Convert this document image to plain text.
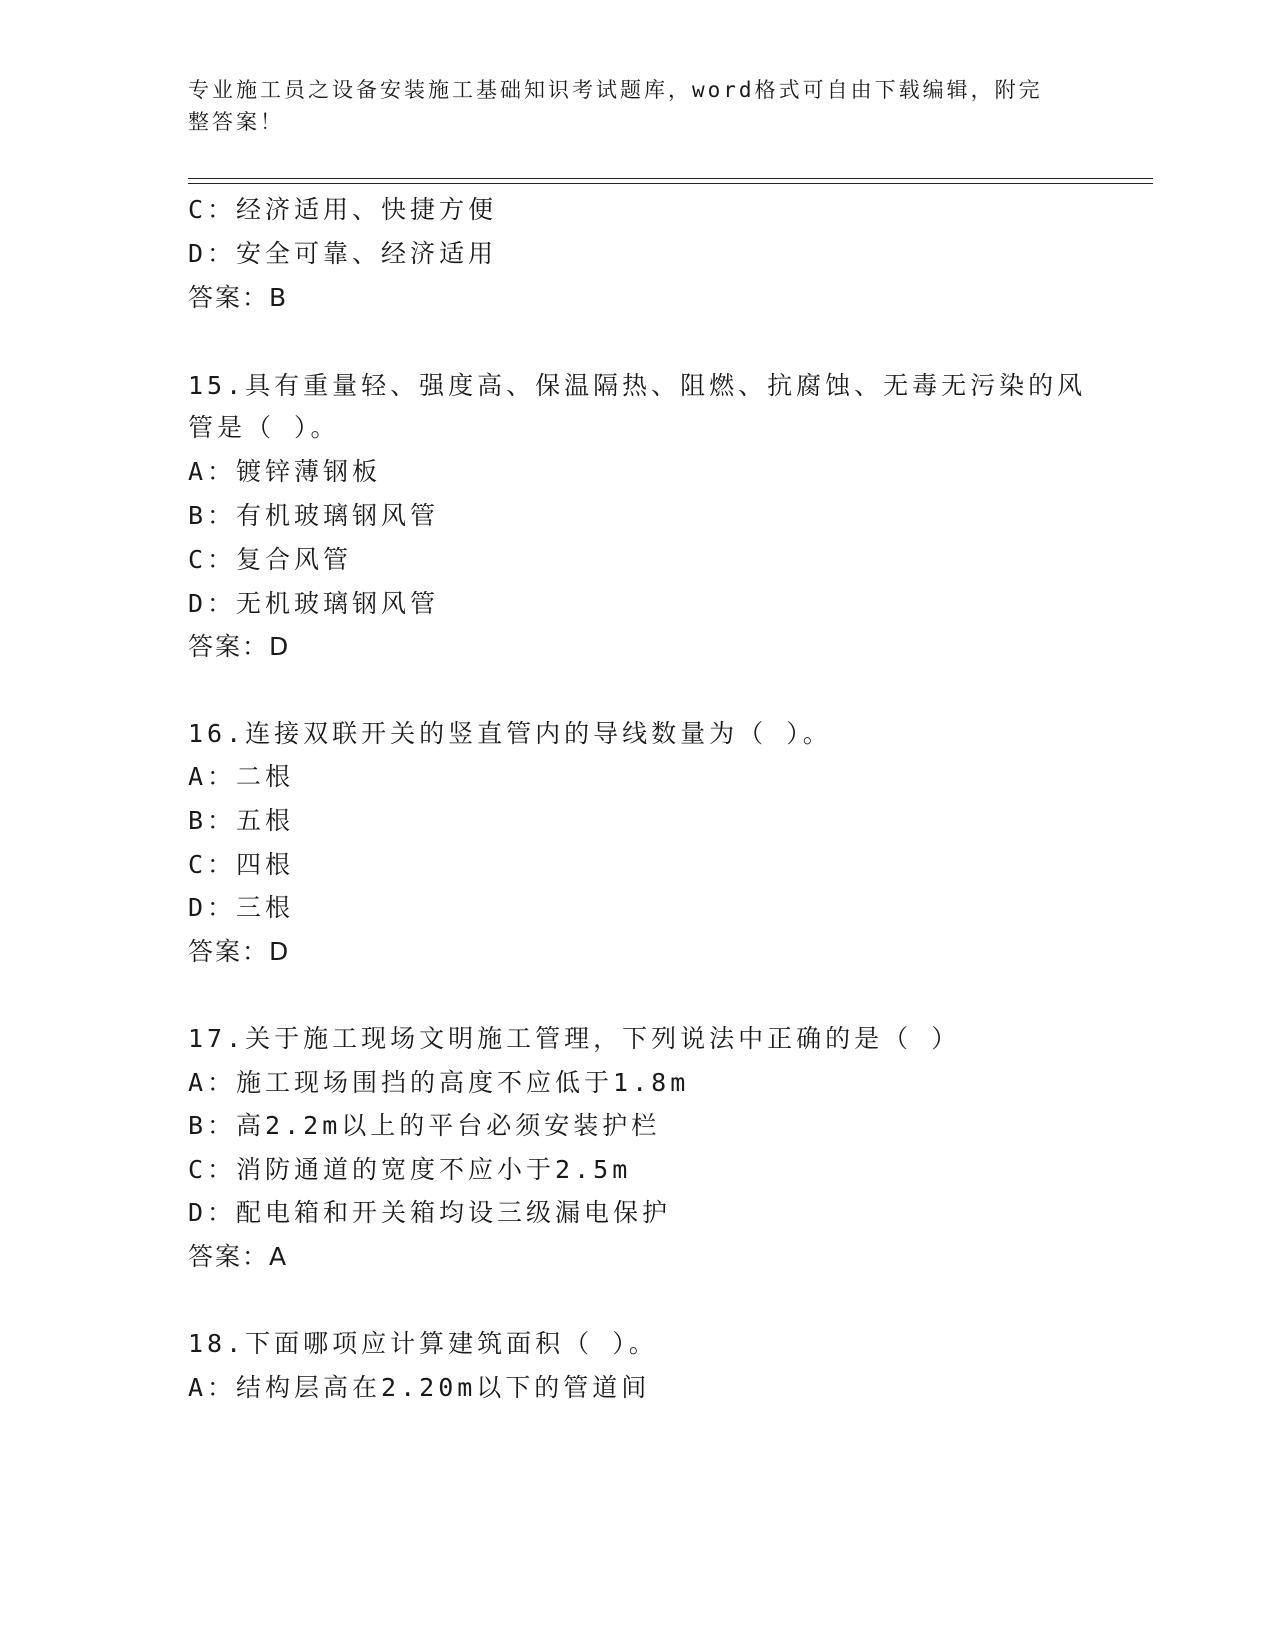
专业施工员之设备安装施工基础知识考试题库，word格式可自由下载编辑，附完
整答案！
C：经济适用、快捷方便
D：安全可靠、经济适用
答案：B
15.具有重量轻、强度高、保温隔热、阻燃、抗腐蚀、无毒无污染的风
管是（ ）。
A：镀锌薄钢板
B：有机玻璃钢风管
C：复合风管
D：无机玻璃钢风管
答案：D
16.连接双联开关的竖直管内的导线数量为（ ）。
A：二根
B：五根
C：四根
D：三根
答案：D
17.关于施工现场文明施工管理，下列说法中正确的是（ ）
A：施工现场围挡的高度不应低于1.8m
B：高2.2m以上的平台必须安装护栏
C：消防通道的宽度不应小于2.5m
D：配电箱和开关箱均设三级漏电保护
答案：A
18.下面哪项应计算建筑面积（ ）。
A：结构层高在2.20m以下的管道间
